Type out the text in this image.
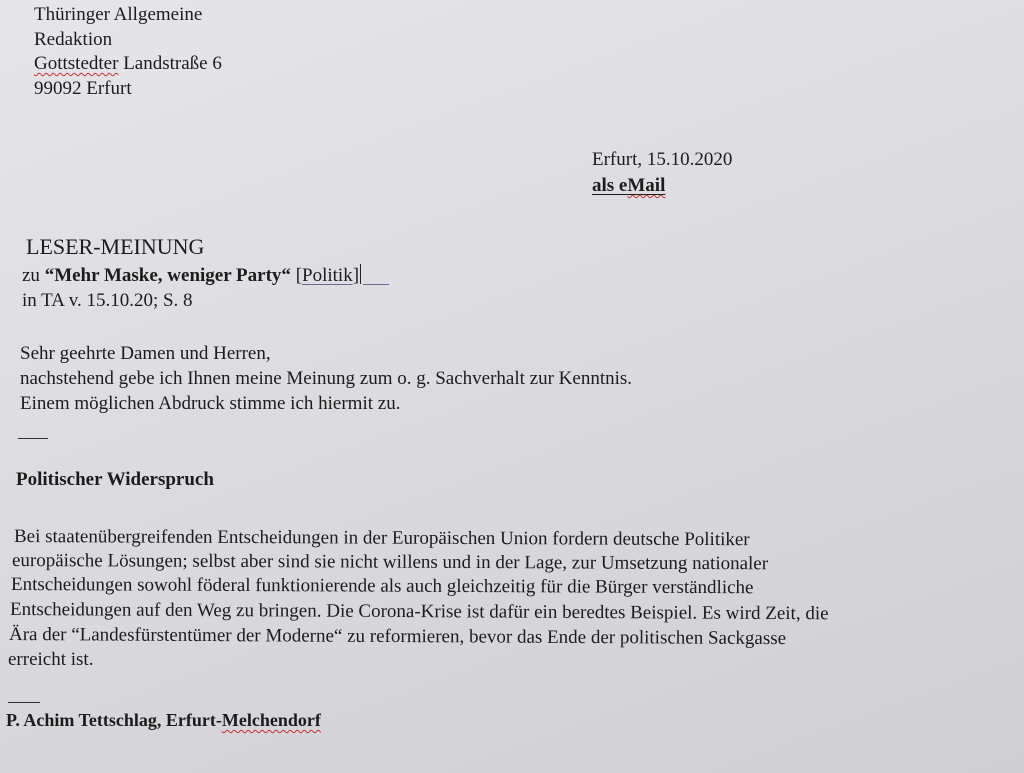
Thüringer Allgemeine
Redaktion
Gottstedter Landstraße 6
99092 Erfurt
Erfurt, 15.10.2020
als eMail
LESER-MEINUNG
zu “Mehr Maske, weniger Party“ [Politik]
in TA v. 15.10.20; S. 8
Sehr geehrte Damen und Herren,
nachstehend gebe ich Ihnen meine Meinung zum o. g. Sachverhalt zur Kenntnis.
Einem möglichen Abdruck stimme ich hiermit zu.
Politischer Widerspruch
Bei staatenübergreifenden Entscheidungen in der Europäischen Union fordern deutsche Politiker
europäische Lösungen; selbst aber sind sie nicht willens und in der Lage, zur Umsetzung nationaler
Entscheidungen sowohl föderal funktionierende als auch gleichzeitig für die Bürger verständliche
Entscheidungen auf den Weg zu bringen. Die Corona-Krise ist dafür ein beredtes Beispiel. Es wird Zeit, die
Ära der “Landesfürstentümer der Moderne“ zu reformieren, bevor das Ende der politischen Sackgasse
erreicht ist.
P. Achim Tettschlag, Erfurt-Melchendorf
